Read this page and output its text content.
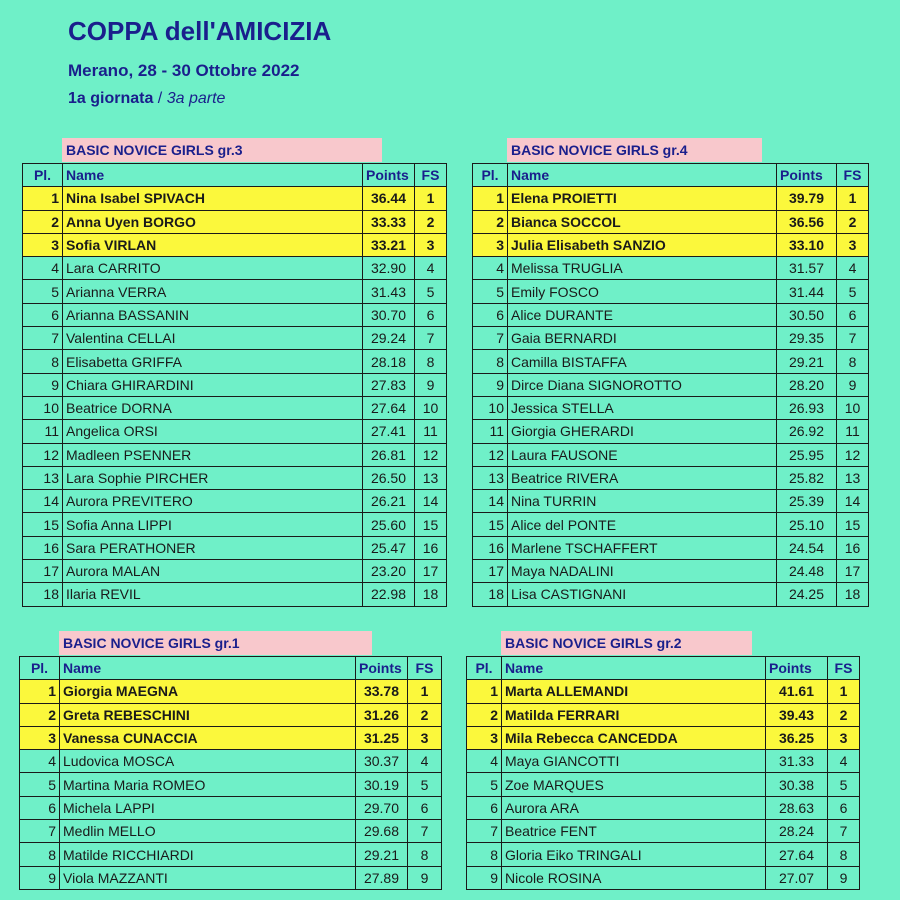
COPPA dell'AMICIZIA
Merano, 28 - 30 Ottobre 2022
1a giornata / 3a parte
BASIC NOVICE GIRLS gr.3
Pl.	Name	Points	FS
1	Nina Isabel SPIVACH	36.44	1
2	Anna Uyen BORGO	33.33	2
3	Sofia VIRLAN	33.21	3
4	Lara CARRITO	32.90	4
5	Arianna VERRA	31.43	5
6	Arianna BASSANIN	30.70	6
7	Valentina CELLAI	29.24	7
8	Elisabetta GRIFFA	28.18	8
9	Chiara GHIRARDINI	27.83	9
10	Beatrice DORNA	27.64	10
11	Angelica ORSI	27.41	11
12	Madleen PSENNER	26.81	12
13	Lara Sophie PIRCHER	26.50	13
14	Aurora PREVITERO	26.21	14
15	Sofia Anna LIPPI	25.60	15
16	Sara PERATHONER	25.47	16
17	Aurora MALAN	23.20	17
18	Ilaria REVIL	22.98	18
BASIC NOVICE GIRLS gr.4
Pl.	Name	Points	FS
1	Elena PROIETTI	39.79	1
2	Bianca SOCCOL	36.56	2
3	Julia Elisabeth SANZIO	33.10	3
4	Melissa TRUGLIA	31.57	4
5	Emily FOSCO	31.44	5
6	Alice DURANTE	30.50	6
7	Gaia BERNARDI	29.35	7
8	Camilla BISTAFFA	29.21	8
9	Dirce Diana SIGNOROTTO	28.20	9
10	Jessica STELLA	26.93	10
11	Giorgia GHERARDI	26.92	11
12	Laura FAUSONE	25.95	12
13	Beatrice RIVERA	25.82	13
14	Nina TURRIN	25.39	14
15	Alice del PONTE	25.10	15
16	Marlene TSCHAFFERT	24.54	16
17	Maya NADALINI	24.48	17
18	Lisa CASTIGNANI	24.25	18
BASIC NOVICE GIRLS gr.1
Pl.	Name	Points	FS
1	Giorgia MAEGNA	33.78	1
2	Greta REBESCHINI	31.26	2
3	Vanessa CUNACCIA	31.25	3
4	Ludovica MOSCA	30.37	4
5	Martina Maria ROMEO	30.19	5
6	Michela LAPPI	29.70	6
7	Medlin MELLO	29.68	7
8	Matilde RICCHIARDI	29.21	8
9	Viola MAZZANTI	27.89	9
BASIC NOVICE GIRLS gr.2
Pl.	Name	Points	FS
1	Marta ALLEMANDI	41.61	1
2	Matilda FERRARI	39.43	2
3	Mila Rebecca CANCEDDA	36.25	3
4	Maya GIANCOTTI	31.33	4
5	Zoe MARQUES	30.38	5
6	Aurora ARA	28.63	6
7	Beatrice FENT	28.24	7
8	Gloria Eiko TRINGALI	27.64	8
9	Nicole ROSINA	27.07	9
